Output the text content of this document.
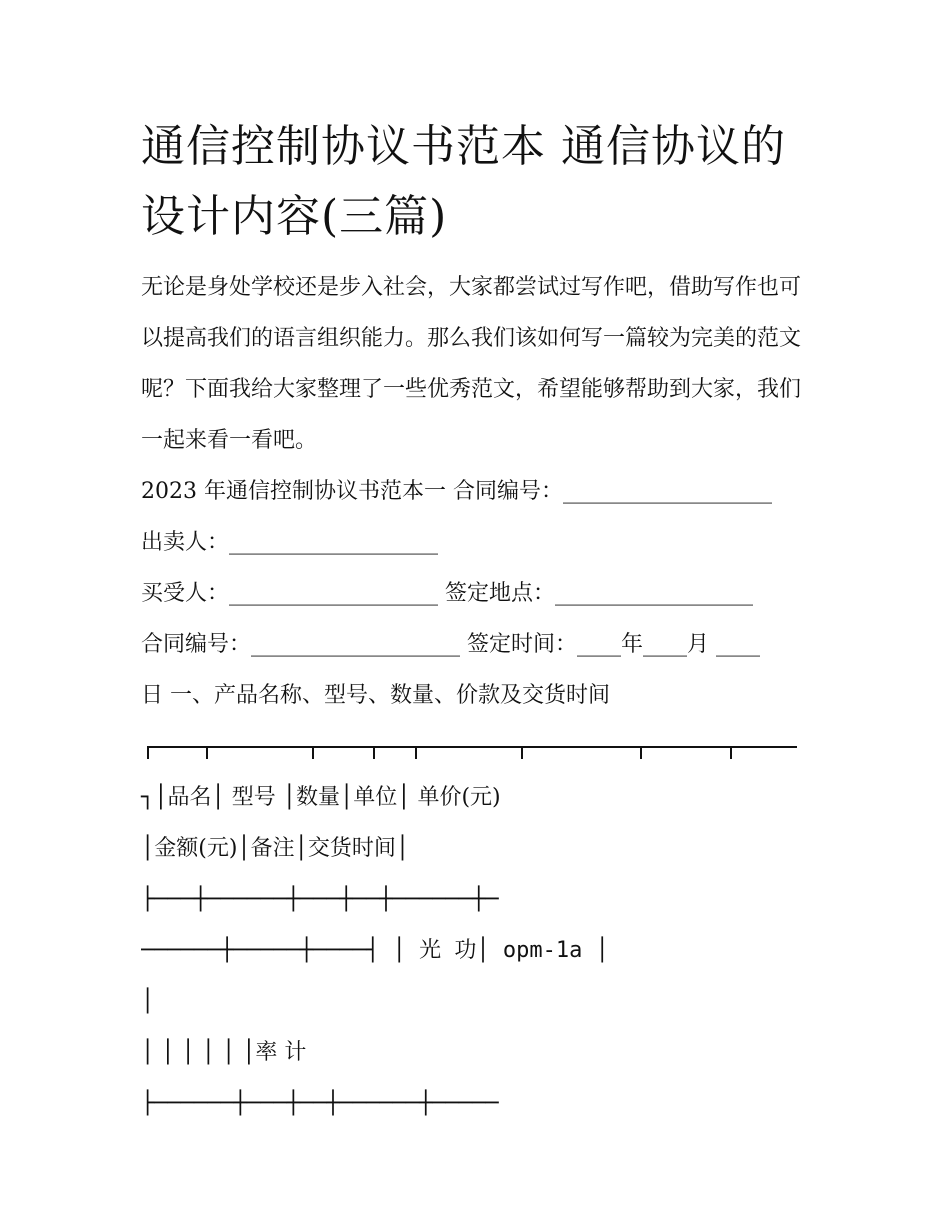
通信控制协议书范本 通信协议的设计内容(三篇)

无论是身处学校还是步入社会，大家都尝试过写作吧，借助写作也可以提高我们的语言组织能力。那么我们该如何写一篇较为完美的范文呢？下面我给大家整理了一些优秀范文，希望能够帮助到大家，我们一起来看一看吧。

2023 年通信控制协议书范本一 合同编号：___________________

出卖人：___________________

买受人：___________________ 签定地点：__________________

合同编号：___________________ 签定时间：____年____月 ____

日 一、产品名称、型号、数量、价款及交货时间

┐│品名│ 型号 │数量│单位│ 单价(元)

│金额(元)│备注│交货时间│

├───┼──────┼───┼──┼──────┼─

──────┼─────┼────┤ │ 光 功│ opm-1a │

│

│ │ │ │ │ │率 计

├──────┼───┼──┼──────┼─────
